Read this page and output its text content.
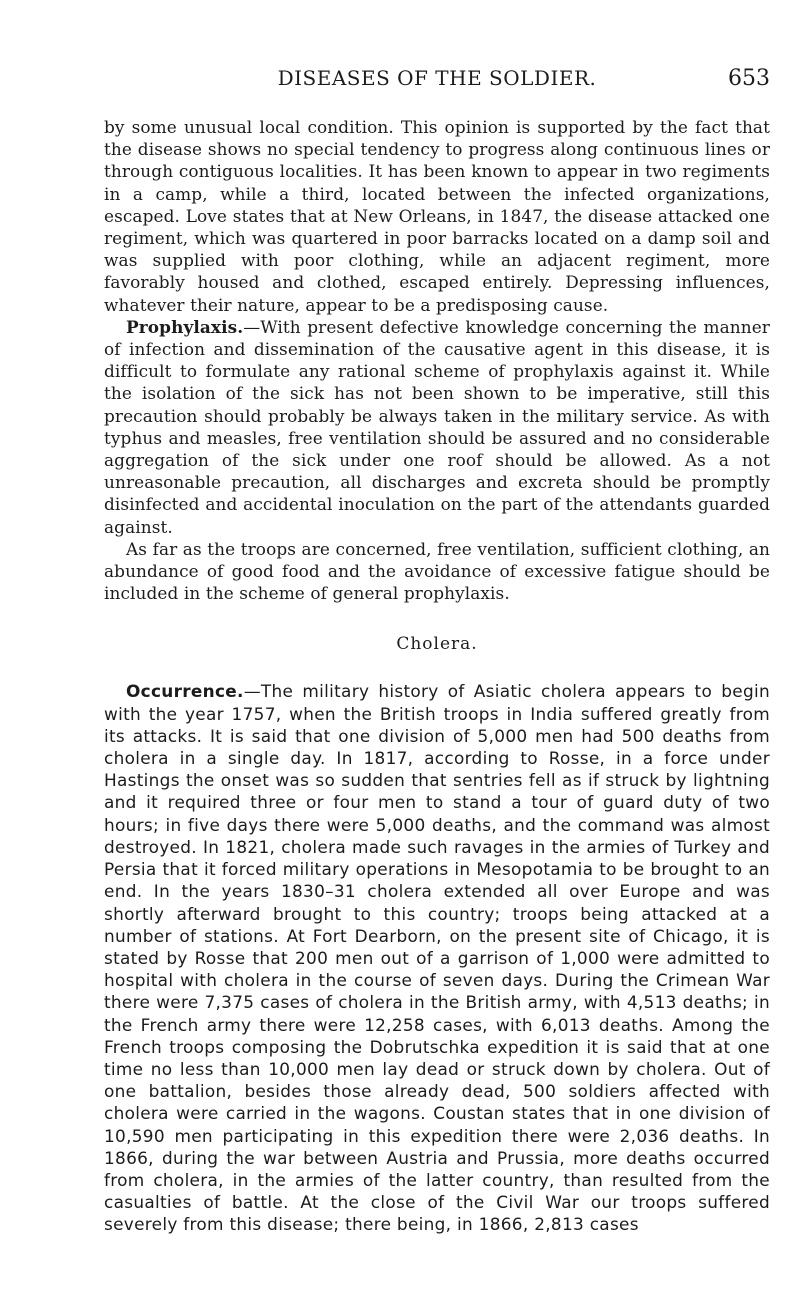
DISEASES OF THE SOLDIER.	653

by some unusual local condition. This opinion is supported by the fact that the disease shows no special tendency to progress along continuous lines or through contiguous localities. It has been known to appear in two regiments in a camp, while a third, located between the infected organizations, escaped. Love states that at New Orleans, in 1847, the disease attacked one regiment, which was quartered in poor barracks located on a damp soil and was supplied with poor clothing, while an adjacent regiment, more favorably housed and clothed, escaped entirely. Depressing influences, whatever their nature, appear to be a predisposing cause.

Prophylaxis.—With present defective knowledge concerning the manner of infection and dissemination of the causative agent in this disease, it is difficult to formulate any rational scheme of prophylaxis against it. While the isolation of the sick has not been shown to be imperative, still this precaution should probably be always taken in the military service. As with typhus and measles, free ventilation should be assured and no considerable aggregation of the sick under one roof should be allowed. As a not unreasonable precaution, all discharges and excreta should be promptly disinfected and accidental inoculation on the part of the attendants guarded against.

As far as the troops are concerned, free ventilation, sufficient clothing, an abundance of good food and the avoidance of excessive fatigue should be included in the scheme of general prophylaxis.

Cholera.

Occurrence.—The military history of Asiatic cholera appears to begin with the year 1757, when the British troops in India suffered greatly from its attacks. It is said that one division of 5,000 men had 500 deaths from cholera in a single day. In 1817, according to Rosse, in a force under Hastings the onset was so sudden that sentries fell as if struck by lightning and it required three or four men to stand a tour of guard duty of two hours; in five days there were 5,000 deaths, and the command was almost destroyed. In 1821, cholera made such ravages in the armies of Turkey and Persia that it forced military operations in Mesopotamia to be brought to an end. In the years 1830–31 cholera extended all over Europe and was shortly afterward brought to this country; troops being attacked at a number of stations. At Fort Dearborn, on the present site of Chicago, it is stated by Rosse that 200 men out of a garrison of 1,000 were admitted to hospital with cholera in the course of seven days. During the Crimean War there were 7,375 cases of cholera in the British army, with 4,513 deaths; in the French army there were 12,258 cases, with 6,013 deaths. Among the French troops composing the Dobrutschka expedition it is said that at one time no less than 10,000 men lay dead or struck down by cholera. Out of one battalion, besides those already dead, 500 soldiers affected with cholera were carried in the wagons. Coustan states that in one division of 10,590 men participating in this expedition there were 2,036 deaths. In 1866, during the war between Austria and Prussia, more deaths occurred from cholera, in the armies of the latter country, than resulted from the casualties of battle. At the close of the Civil War our troops suffered severely from this disease; there being, in 1866, 2,813 cases
